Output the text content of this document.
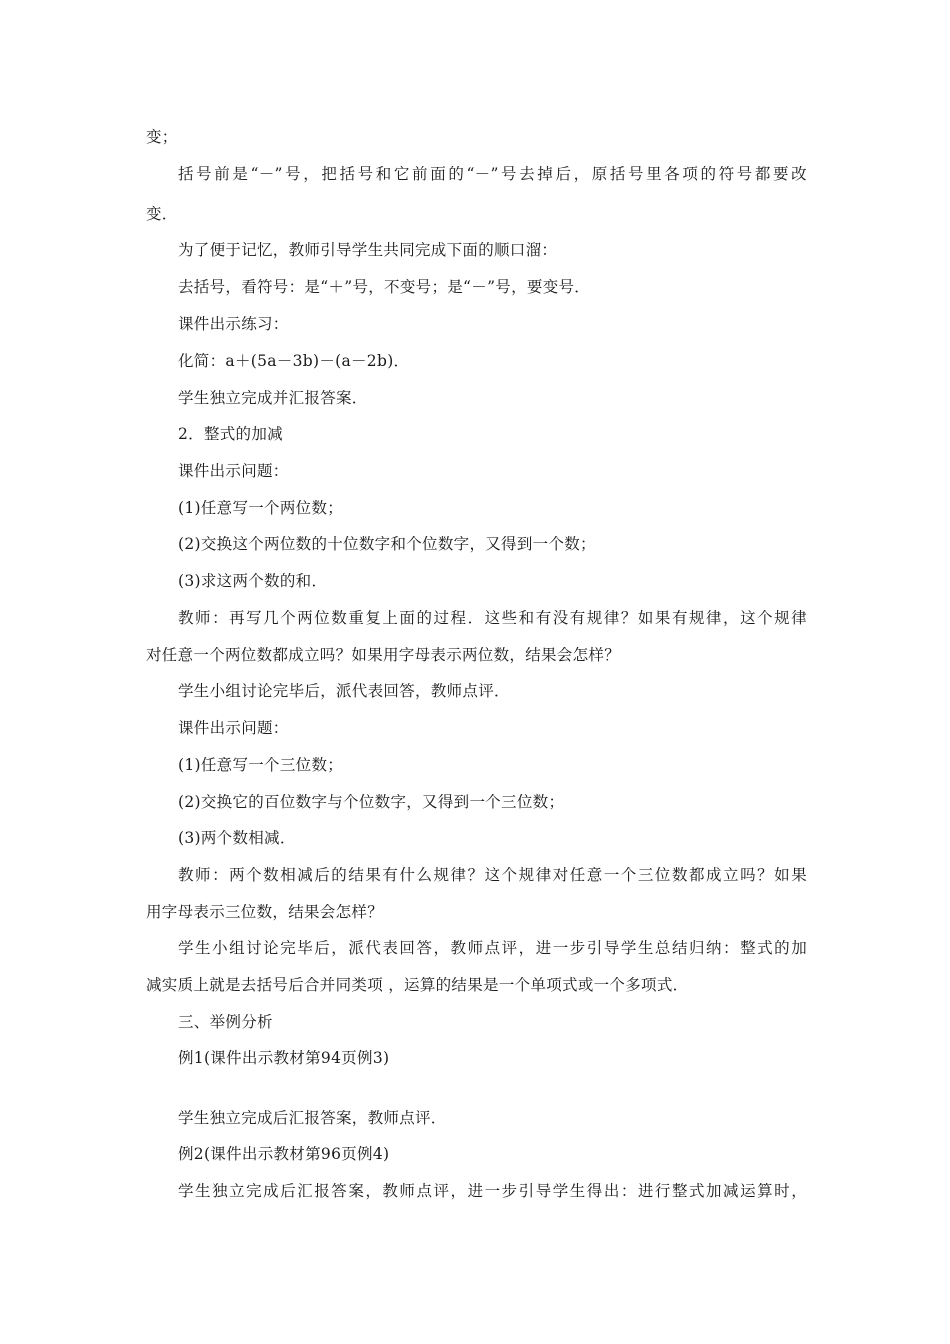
变；
括号前是“－”号，把括号和它前面的“－”号去掉后，原括号里各项的符号都要改
变．
为了便于记忆，教师引导学生共同完成下面的顺口溜：
去括号，看符号：是“＋”号，不变号；是“－”号，要变号．
课件出示练习：
化简：a＋(5a－3b)－(a－2b)．
学生独立完成并汇报答案．
2．整式的加减
课件出示问题：
(1)任意写一个两位数；
(2)交换这个两位数的十位数字和个位数字，又得到一个数；
(3)求这两个数的和．
教师：再写几个两位数重复上面的过程．这些和有没有规律？如果有规律，这个规律
对任意一个两位数都成立吗？如果用字母表示两位数，结果会怎样？
学生小组讨论完毕后，派代表回答，教师点评．
课件出示问题：
(1)任意写一个三位数；
(2)交换它的百位数字与个位数字，又得到一个三位数；
(3)两个数相减．
教师：两个数相减后的结果有什么规律？这个规律对任意一个三位数都成立吗？如果
用字母表示三位数，结果会怎样？
学生小组讨论完毕后，派代表回答，教师点评，进一步引导学生总结归纳：整式的加
减实质上就是去括号后合并同类项 ，运算的结果是一个单项式或一个多项式．
三、举例分析
例1(课件出示教材第94页例3)
学生独立完成后汇报答案，教师点评．
例2(课件出示教材第96页例4)
学生独立完成后汇报答案，教师点评，进一步引导学生得出：进行整式加减运算时，
